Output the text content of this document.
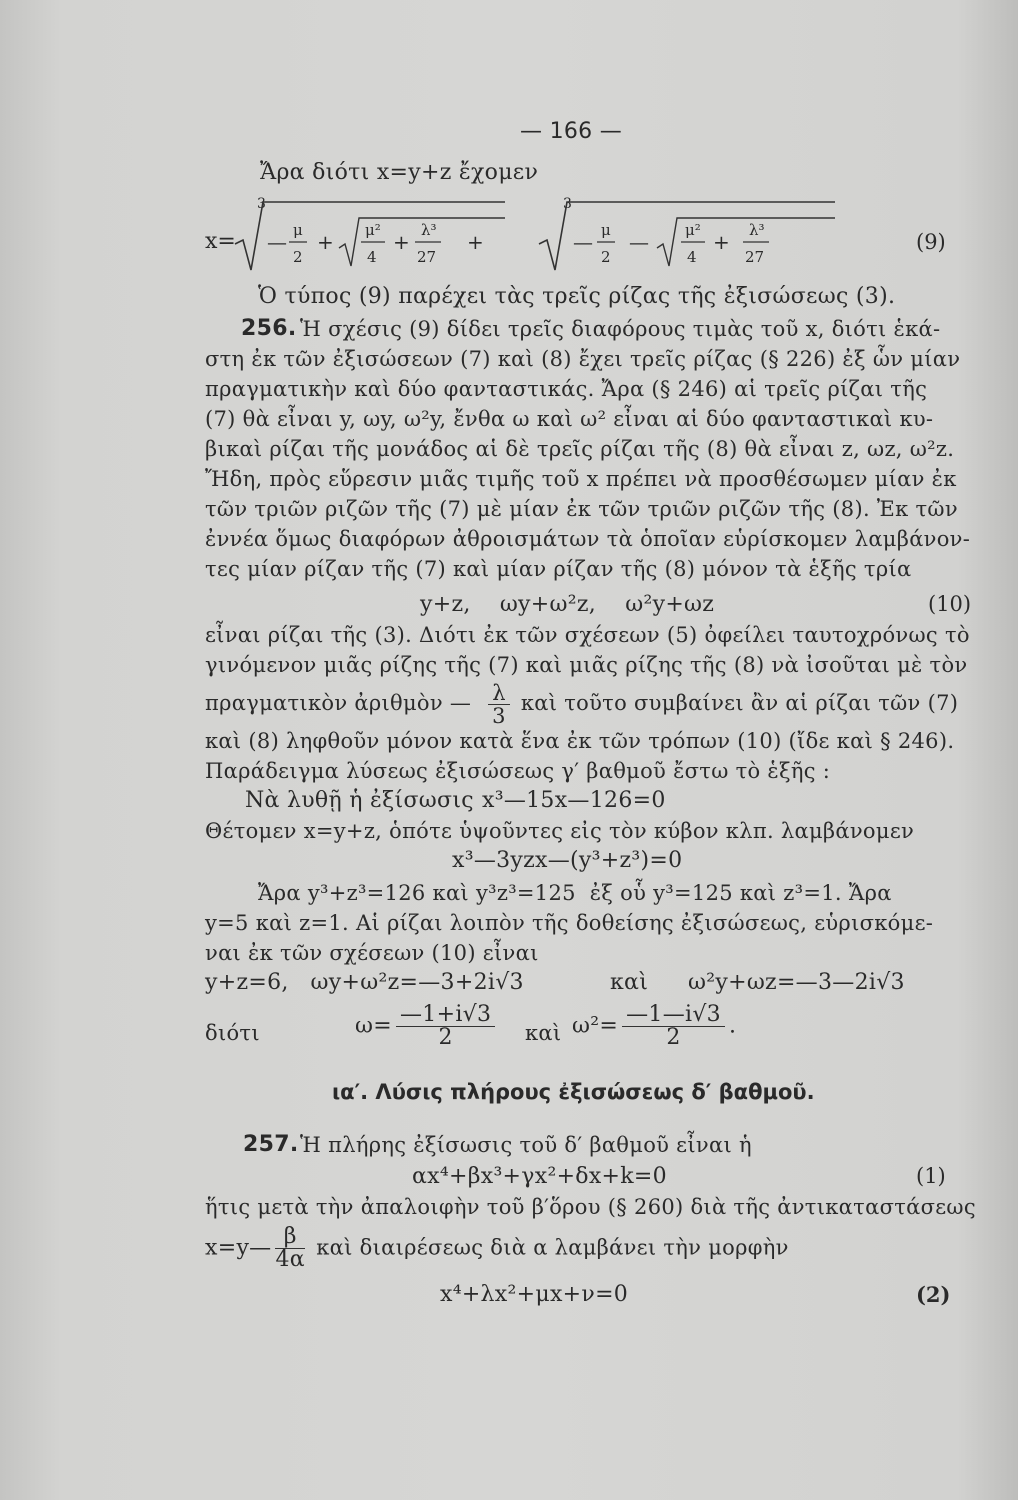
— 166 —
Ἄρα διότι x=y+z ἔχομεν
x=
3
— μ
2
+ μ²
4
+ λ³
27
+
3
— μ
2
— μ²
4
+ λ³
27
(9)
Ὁ τύπος (9) παρέχει τὰς τρεῖς ρίζας τῆς ἐξισώσεως (3).
256. Ἡ σχέσις (9) δίδει τρεῖς διαφόρους τιμὰς τοῦ x, διότι ἑκά-
στη ἐκ τῶν ἐξισώσεων (7) καὶ (8) ἔχει τρεῖς ρίζας (§ 226) ἐξ ὧν μίαν
πραγματικὴν καὶ δύο φανταστικάς. Ἄρα (§ 246) αἱ τρεῖς ρίζαι τῆς
(7) θὰ εἶναι y, ωy, ω²y, ἔνθα ω καὶ ω² εἶναι αἱ δύο φανταστικαὶ κυ-
βικαὶ ρίζαι τῆς μονάδος αἱ δὲ τρεῖς ρίζαι τῆς (8) θὰ εἶναι z, ωz, ω²z.
Ἤδη, πρὸς εὕρεσιν μιᾶς τιμῆς τοῦ x πρέπει νὰ προσθέσωμεν μίαν ἐκ
τῶν τριῶν ριζῶν τῆς (7) μὲ μίαν ἐκ τῶν τριῶν ριζῶν τῆς (8). Ἐκ τῶν
ἐννέα ὅμως διαφόρων ἀθροισμάτων τὰ ὁποῖαν εὑρίσκομεν λαμβάνον-
τες μίαν ρίζαν τῆς (7) καὶ μίαν ρίζαν τῆς (8) μόνον τὰ ἑξῆς τρία
y+z,    ωy+ω²z,    ω²y+ωz	(10)
εἶναι ρίζαι τῆς (3). Διότι ἐκ τῶν σχέσεων (5) ὀφείλει ταυτοχρόνως τὸ
γινόμενον μιᾶς ρίζης τῆς (7) καὶ μιᾶς ρίζης τῆς (8) νὰ ἰσοῦται μὲ τὸν
πραγματικὸν ἀριθμὸν — $\frac{\lambda}{3}$ καὶ τοῦτο συμβαίνει ἂν αἱ ρίζαι τῶν (7)
καὶ (8) ληφθοῦν μόνον κατὰ ἕνα ἐκ τῶν τρόπων (10) (ἴδε καὶ § 246).
Παράδειγμα λύσεως ἐξισώσεως γ′ βαθμοῦ ἔστω τὸ ἑξῆς :
Νὰ λυθῇ ἡ ἐξίσωσις x³—15x—126=0
Θέτομεν x=y+z, ὁπότε ὑψοῦντες εἰς τὸν κύβον κλπ. λαμβάνομεν
x³—3yzx—(y³+z³)=0
Ἄρα y³+z³=126 καὶ y³z³=125  ἐξ οὗ y³=125 καὶ z³=1. Ἄρα
y=5 καὶ z=1. Αἱ ρίζαι λοιπὸν τῆς δοθείσης ἐξισώσεως, εὑρισκόμε-
ναι ἐκ τῶν σχέσεων (10) εἶναι
y+z=6,   ωy+ω²z=—3+2i√3	καὶ ω²y+ωz=—3—2i√3
διότι	$\omega= \frac{—1+i√3}{2}$ καὶ $\omega^2= \frac{—1—i√3}{2}$ .
ια′. Λύσις πλήρους ἐξισώσεως δ′ βαθμοῦ.
257. Ἡ πλήρης ἐξίσωσις τοῦ δ′ βαθμοῦ εἶναι ἡ
αx⁴+βx³+γx²+δx+k=0	(1)
ἥτις μετὰ τὴν ἀπαλοιφὴν τοῦ β′ὅρου (§ 260) διὰ τῆς ἀντικαταστάσεως
x=y— $\frac{\beta}{4\alpha}$ καὶ διαιρέσεως διὰ α λαμβάνει τὴν μορφὴν
x⁴+λx²+μx+ν=0	(2)
